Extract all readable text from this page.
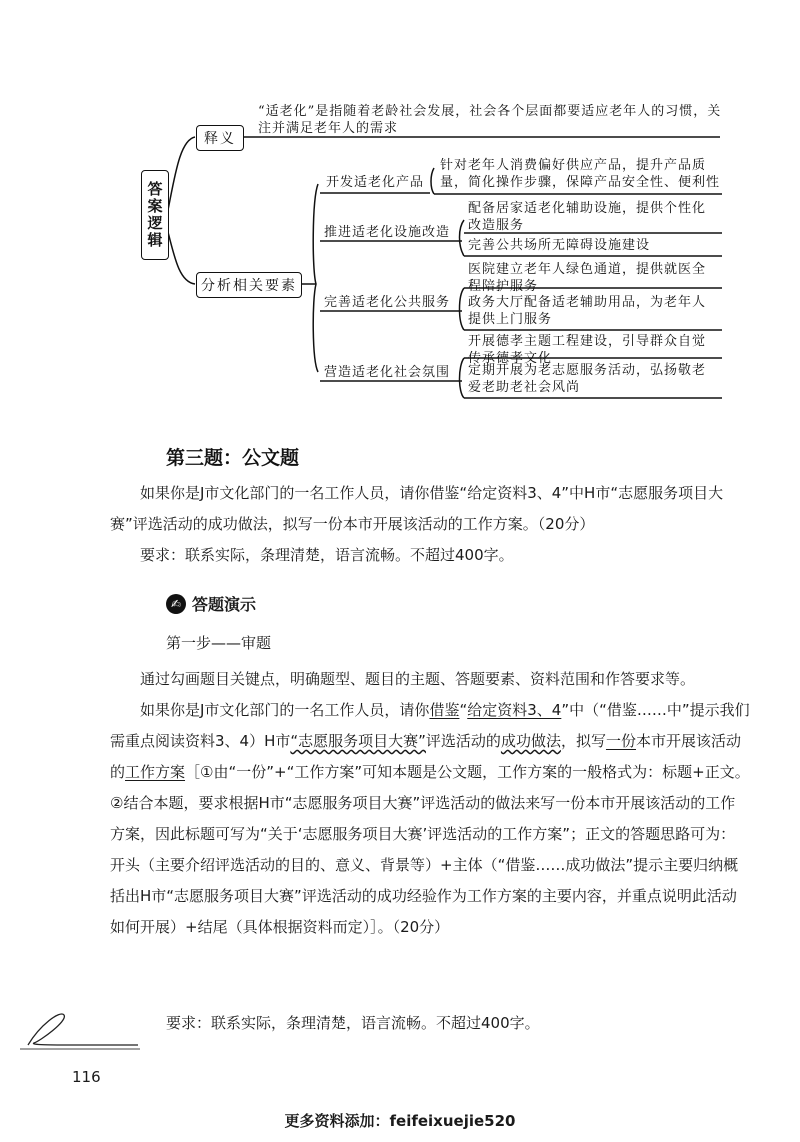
答案逻辑
释义
“适老化”是指随着老龄社会发展，社会各个层面都要适应老年人的习惯，关注并满足老年人的需求
分析相关要素
开发适老化产品
推进适老化设施改造
完善适老化公共服务
营造适老化社会氛围
针对老年人消费偏好供应产品，提升产品质量，简化操作步骤，保障产品安全性、便利性
配备居家适老化辅助设施，提供个性化改造服务
完善公共场所无障碍设施建设
医院建立老年人绿色通道，提供就医全程陪护服务
政务大厅配备适老辅助用品，为老年人提供上门服务
开展德孝主题工程建设，引导群众自觉传承德孝文化
定期开展为老志愿服务活动，弘扬敬老爱老助老社会风尚
第三题：公文题

如果你是J市文化部门的一名工作人员，请你借鉴“给定资料3、4”中H市“志愿服务项目大赛”评选活动的成功做法，拟写一份本市开展该活动的工作方案。（20分）

要求：联系实际，条理清楚，语言流畅。不超过400字。

✍ 答题演示
第一步——审题

通过勾画题目关键点，明确题型、题目的主题、答题要素、资料范围和作答要求等。

如果你是J市文化部门的一名工作人员，请你借鉴“给定资料3、4”中（“借鉴……中”提示我们需重点阅读资料3、4）H市“志愿服务项目大赛”评选活动的成功做法，拟写一份本市开展该活动的工作方案［①由“一份”+“工作方案”可知本题是公文题，工作方案的一般格式为：标题+正文。②结合本题，要求根据H市“志愿服务项目大赛”评选活动的做法来写一份本市开展该活动的工作方案，因此标题可写为“关于‘志愿服务项目大赛’评选活动的工作方案”；正文的答题思路可为：开头（主要介绍评选活动的目的、意义、背景等）+主体（“借鉴……成功做法”提示主要归纳概括出H市“志愿服务项目大赛”评选活动的成功经验作为工作方案的主要内容，并重点说明此活动如何开展）+结尾（具体根据资料而定）］。（20分）

要求：联系实际，条理清楚，语言流畅。不超过400字。
116
更多资料添加：feifeixuejie520
